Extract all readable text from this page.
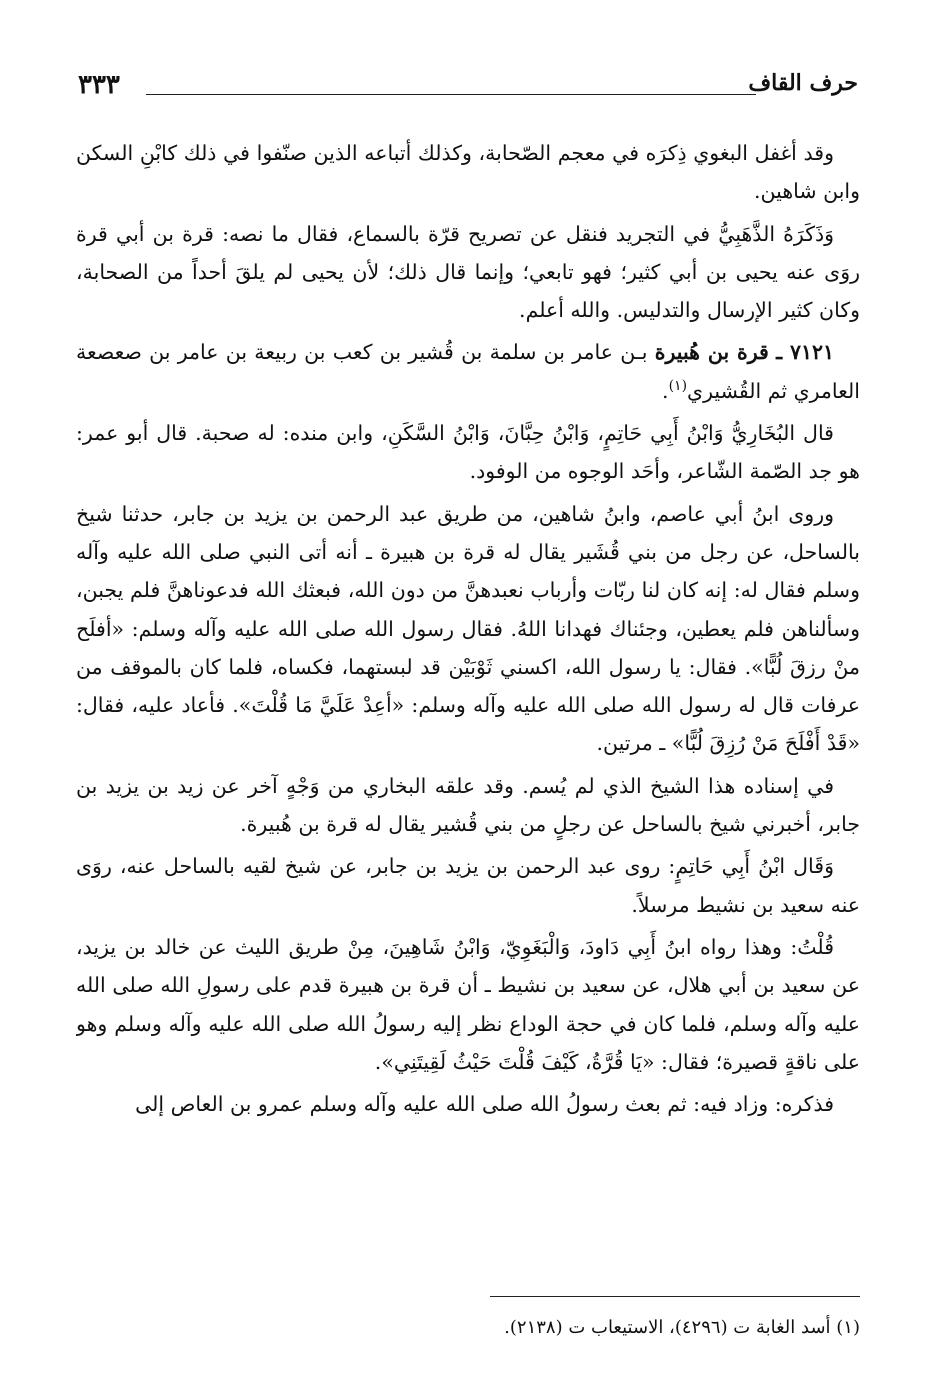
حرف القاف
٣٣٣

وقد أغفل البغوي ذِكرَه في معجم الصّحابة، وكذلك أتباعه الذين صنّفوا في ذلك كابْنِ السكن وابن شاهين.

وَذَكَرَهُ الذَّهَبِيُّ في التجريد فنقل عن تصريح قرّة بالسماع، فقال ما نصه: قرة بن أبي قرة روَى عنه يحيى بن أبي كثير؛ فهو تابعي؛ وإنما قال ذلك؛ لأن يحيى لم يلقَ أحداً من الصحابة، وكان كثير الإرسال والتدليس. والله أعلم.

٧١٢١ ـ قرة بن هُبيرة بـن عامر بن سلمة بن قُشير بن كعب بن ربيعة بن عامر بن صعصعة العامري ثم القُشيري$^{(١)}$.

قال البُخَارِيُّ وَابْنُ أَبِي حَاتِمٍ، وَابْنُ حِبَّانَ، وَابْنُ السَّكَنِ، وابن منده: له صحبة. قال أبو عمر: هو جد الصّمة الشّاعر، وأحَد الوجوه من الوفود.

وروى ابنُ أبي عاصم، وابنُ شاهين، من طريق عبد الرحمن بن يزيد بن جابر، حدثنا شيخ بالساحل، عن رجل من بني قُشَير يقال له قرة بن هبيرة ـ أنه أتى النبي صلى الله عليه وآله وسلم فقال له: إنه كان لنا ربّات وأرباب نعبدهنَّ من دون الله، فبعثك الله فدعوناهنَّ فلم يجبن، وسألناهن فلم يعطين، وجئناك فهدانا اللهُ. فقال رسول الله صلى الله عليه وآله وسلم: «أفلَح منْ رزقَ لُبًّا». فقال: يا رسول الله، اكسني ثَوْبَيْن قد لبستهما، فكساه، فلما كان بالموقف من عرفات قال له رسول الله صلى الله عليه وآله وسلم: «أعِدْ عَلَيَّ مَا قُلْتَ». فأعاد عليه، فقال: «قَدْ أَفْلَحَ مَنْ رُزِقَ لُبًّا» ـ مرتين.

في إسناده هذا الشيخ الذي لم يُسم. وقد علقه البخاري من وَجْهٍ آخر عن زيد بن يزيد بن جابر، أخبرني شيخ بالساحل عن رجلٍ من بني قُشير يقال له قرة بن هُبيرة.

وَقَال ابْنُ أَبِي حَاتِمٍ: روى عبد الرحمن بن يزيد بن جابر، عن شيخ لقيه بالساحل عنه، روَى عنه سعيد بن نشيط مرسلاً.

قُلْتُ: وهذا رواه ابنُ أَبِي دَاودَ، وَالْبَغَوِيّ، وَابْنُ شَاهِينَ، مِنْ طريق الليث عن خالد بن يزيد، عن سعيد بن أبي هلال، عن سعيد بن نشيط ـ أن قرة بن هبيرة قدم على رسولِ الله صلى الله عليه وآله وسلم، فلما كان في حجة الوداع نظر إليه رسولُ الله صلى الله عليه وآله وسلم وهو على ناقةٍ قصيرة؛ فقال: «يَا قُرَّةُ، كَيْفَ قُلْتَ حَيْثُ لَقِيتَنِي».

فذكره: وزاد فيه: ثم بعث رسولُ الله صلى الله عليه وآله وسلم عمرو بن العاص إلى

(١) أسد الغابة ت (٤٢٩٦)، الاستيعاب ت (٢١٣٨).
